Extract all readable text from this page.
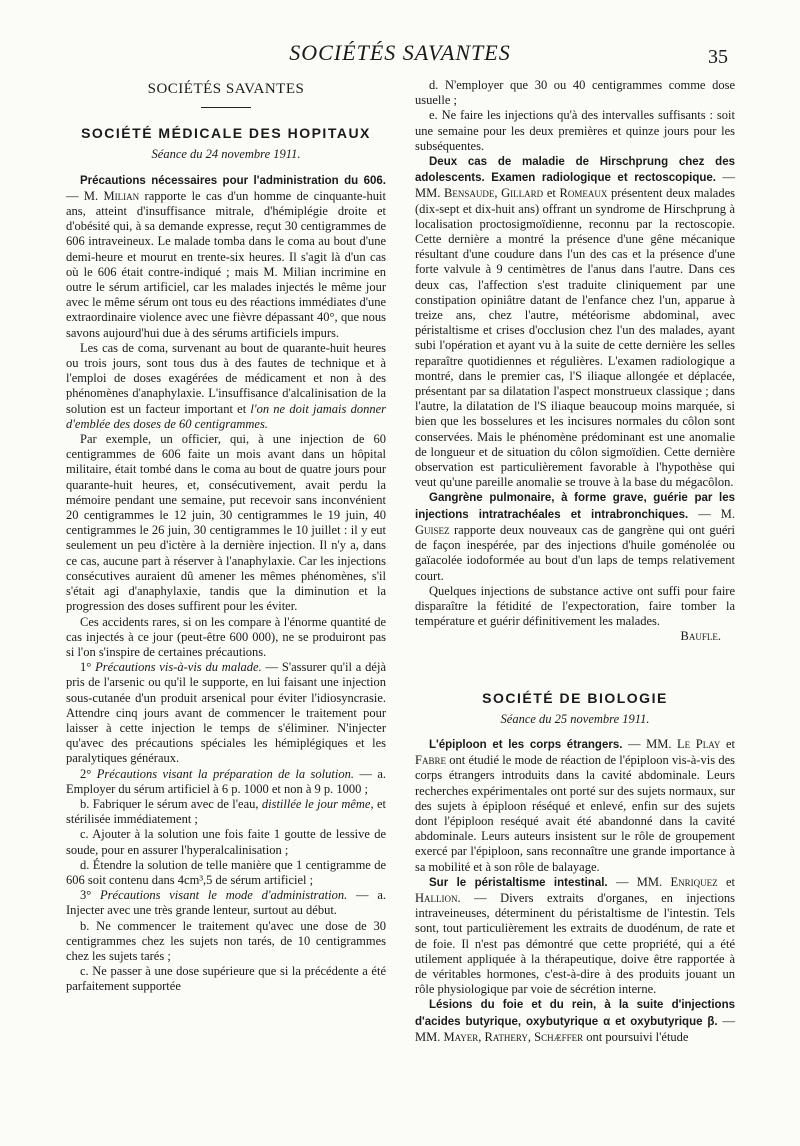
SOCIÉTÉS SAVANTES	35
SOCIÉTÉS SAVANTES
SOCIÉTÉ MÉDICALE DES HOPITAUX
Séance du 24 novembre 1911.

Précautions nécessaires pour l'administration du 606. — M. Milian rapporte le cas d'un homme de cinquante-huit ans, atteint d'insuffisance mitrale, d'hémiplégie droite et d'obésité qui, à sa demande expresse, reçut 30 centigrammes de 606 intraveineux. Le malade tomba dans le coma au bout d'une demi-heure et mourut en trente-six heures. Il s'agit là d'un cas où le 606 était contre-indiqué ; mais M. Milian incrimine en outre le sérum artificiel, car les malades injectés le même jour avec le même sérum ont tous eu des réactions immédiates d'une extraordinaire violence avec une fièvre dépassant 40°, que nous savons aujourd'hui due à des sérums artificiels impurs.

Les cas de coma, survenant au bout de quarante-huit heures ou trois jours, sont tous dus à des fautes de technique et à l'emploi de doses exagérées de médicament et non à des phénomènes d'anaphylaxie. L'insuffisance d'alcalinisation de la solution est un facteur important et l'on ne doit jamais donner d'emblée des doses de 60 centigrammes.

Par exemple, un officier, qui, à une injection de 60 centigrammes de 606 faite un mois avant dans un hôpital militaire, était tombé dans le coma au bout de quatre jours pour quarante-huit heures, et, consécutivement, avait perdu la mémoire pendant une semaine, put recevoir sans inconvénient 20 centigrammes le 12 juin, 30 centigrammes le 19 juin, 40 centigrammes le 26 juin, 30 centigrammes le 10 juillet : il y eut seulement un peu d'ictère à la dernière injection. Il n'y a, dans ce cas, aucune part à réserver à l'anaphylaxie. Car les injections consécutives auraient dû amener les mêmes phénomènes, s'il s'était agi d'anaphylaxie, tandis que la diminution et la progression des doses suffirent pour les éviter.

Ces accidents rares, si on les compare à l'énorme quantité de cas injectés à ce jour (peut-être 600 000), ne se produiront pas si l'on s'inspire de certaines précautions.

1° Précautions vis-à-vis du malade. — S'assurer qu'il a déjà pris de l'arsenic ou qu'il le supporte, en lui faisant une injection sous-cutanée d'un produit arsenical pour éviter l'idiosyncrasie. Attendre cinq jours avant de commencer le traitement pour laisser à cette injection le temps de s'éliminer. N'injecter qu'avec des précautions spéciales les hémiplégiques et les paralytiques généraux.

2° Précautions visant la préparation de la solution. — a. Employer du sérum artificiel à 6 p. 1000 et non à 9 p. 1000 ;

b. Fabriquer le sérum avec de l'eau, distillée le jour même, et stérilisée immédiatement ;

c. Ajouter à la solution une fois faite 1 goutte de lessive de soude, pour en assurer l'hyperalcalinisation ;

d. Étendre la solution de telle manière que 1 centigramme de 606 soit contenu dans 4cm³,5 de sérum artificiel ;

3° Précautions visant le mode d'administration. — a. Injecter avec une très grande lenteur, surtout au début.

b. Ne commencer le traitement qu'avec une dose de 30 centigrammes chez les sujets non tarés, de 10 centigrammes chez les sujets tarés ;

c. Ne passer à une dose supérieure que si la précédente a été parfaitement supportée

d. N'employer que 30 ou 40 centigrammes comme dose usuelle ;

e. Ne faire les injections qu'à des intervalles suffisants : soit une semaine pour les deux premières et quinze jours pour les subséquentes.

Deux cas de maladie de Hirschprung chez des adolescents. Examen radiologique et rectoscopique. — MM. Bensaude, Gillard et Romeaux présentent deux malades (dix-sept et dix-huit ans) offrant un syndrome de Hirschprung à localisation proctosigmoïdienne, reconnu par la rectoscopie. Cette dernière a montré la présence d'une gêne mécanique résultant d'une coudure dans l'un des cas et la présence d'une forte valvule à 9 centimètres de l'anus dans l'autre. Dans ces deux cas, l'affection s'est traduite cliniquement par une constipation opiniâtre datant de l'enfance chez l'un, apparue à treize ans, chez l'autre, météorisme abdominal, avec péristaltisme et crises d'occlusion chez l'un des malades, ayant subi l'opération et ayant vu à la suite de cette dernière les selles reparaître quotidiennes et régulières. L'examen radiologique a montré, dans le premier cas, l'S iliaque allongée et déplacée, présentant par sa dilatation l'aspect monstrueux classique ; dans l'autre, la dilatation de l'S iliaque beaucoup moins marquée, si bien que les bosselures et les incisures normales du côlon sont conservées. Mais le phénomène prédominant est une anomalie de longueur et de situation du côlon sigmoïdien. Cette dernière observation est particulièrement favorable à l'hypothèse qui veut qu'une pareille anomalie se trouve à la base du mégacôlon.

Gangrène pulmonaire, à forme grave, guérie par les injections intratrachéales et intrabronchiques. — M. Guisez rapporte deux nouveaux cas de gangrène qui ont guéri de façon inespérée, par des injections d'huile goménolée ou gaïacolée iodoformée au bout d'un laps de temps relativement court.

Quelques injections de substance active ont suffi pour faire disparaître la fétidité de l'expectoration, faire tomber la température et guérir définitivement les malades.

Baufle.
SOCIÉTÉ DE BIOLOGIE
Séance du 25 novembre 1911.

L'épiploon et les corps étrangers. — MM. Le Play et Fabre ont étudié le mode de réaction de l'épiploon vis-à-vis des corps étrangers introduits dans la cavité abdominale. Leurs recherches expérimentales ont porté sur des sujets normaux, sur des sujets à épiploon réséqué et enlevé, enfin sur des sujets dont l'épiploon reséqué avait été abandonné dans la cavité abdominale. Leurs auteurs insistent sur le rôle de groupement exercé par l'épiploon, sans reconnaître une grande importance à sa mobilité et à son rôle de balayage.

Sur le péristaltisme intestinal. — MM. Enriquez et Hallion. — Divers extraits d'organes, en injections intraveineuses, déterminent du péristaltisme de l'intestin. Tels sont, tout particulièrement les extraits de duodénum, de rate et de foie. Il n'est pas démontré que cette propriété, qui a été utilement appliquée à la thérapeutique, doive être rapportée à de véritables hormones, c'est-à-dire à des produits jouant un rôle physiologique par voie de sécrétion interne.

Lésions du foie et du rein, à la suite d'injections d'acides butyrique, oxybutyrique α et oxybutyrique β. — MM. Mayer, Rathery, Schæffer ont poursuivi l'étude
